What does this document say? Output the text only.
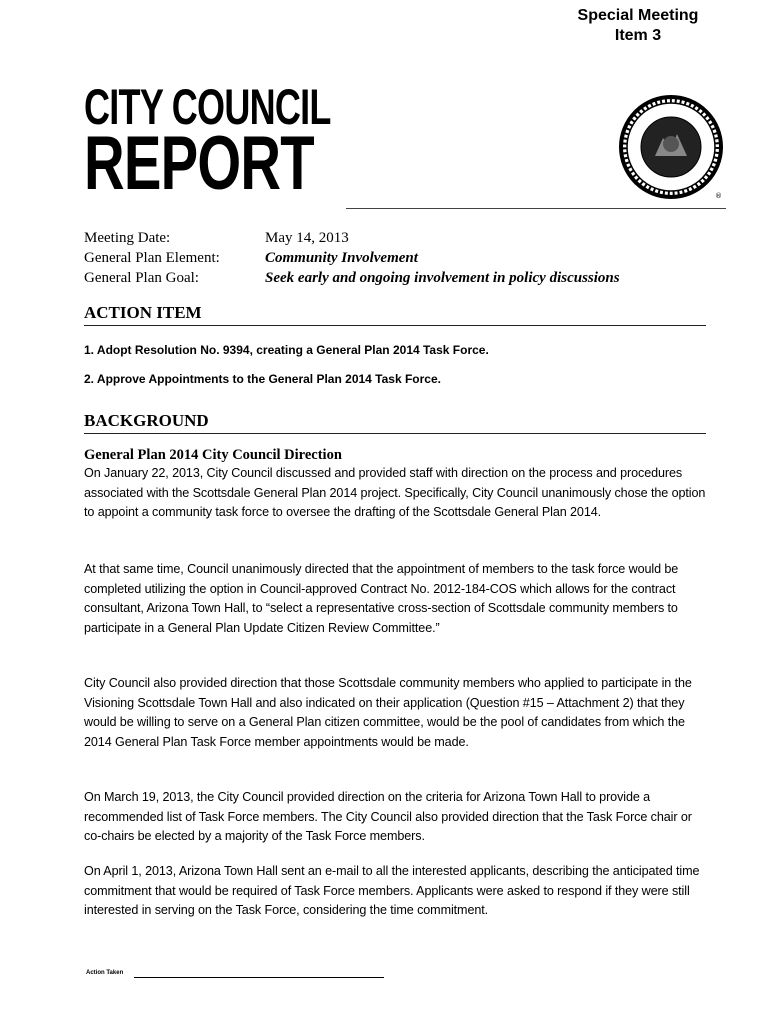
Special Meeting
Item 3
CITY COUNCIL
REPORT	®
Meeting Date:	May 14, 2013
General Plan Element:	Community Involvement
General Plan Goal:	Seek early and ongoing involvement in policy discussions
ACTION ITEM
1. Adopt Resolution No. 9394, creating a General Plan 2014 Task Force.
2. Approve Appointments to the General Plan 2014 Task Force.
BACKGROUND
General Plan 2014 City Council Direction
On January 22, 2013, City Council discussed and provided staff with direction on the process and procedures associated with the Scottsdale General Plan 2014 project. Specifically, City Council unanimously chose the option to appoint a community task force to oversee the drafting of the Scottsdale General Plan 2014.
At that same time, Council unanimously directed that the appointment of members to the task force would be completed utilizing the option in Council-approved Contract No. 2012-184-COS which allows for the contract consultant, Arizona Town Hall, to “select a representative cross-section of Scottsdale community members to participate in a General Plan Update Citizen Review Committee.”
City Council also provided direction that those Scottsdale community members who applied to participate in the Visioning Scottsdale Town Hall and also indicated on their application (Question #15 – Attachment 2) that they would be willing to serve on a General Plan citizen committee, would be the pool of candidates from which the 2014 General Plan Task Force member appointments would be made.
On March 19, 2013, the City Council provided direction on the criteria for Arizona Town Hall to provide a recommended list of Task Force members. The City Council also provided direction that the Task Force chair or co-chairs be elected by a majority of the Task Force members.
On April 1, 2013, Arizona Town Hall sent an e-mail to all the interested applicants, describing the anticipated time commitment that would be required of Task Force members. Applicants were asked to respond if they were still interested in serving on the Task Force, considering the time commitment.
Action Taken
